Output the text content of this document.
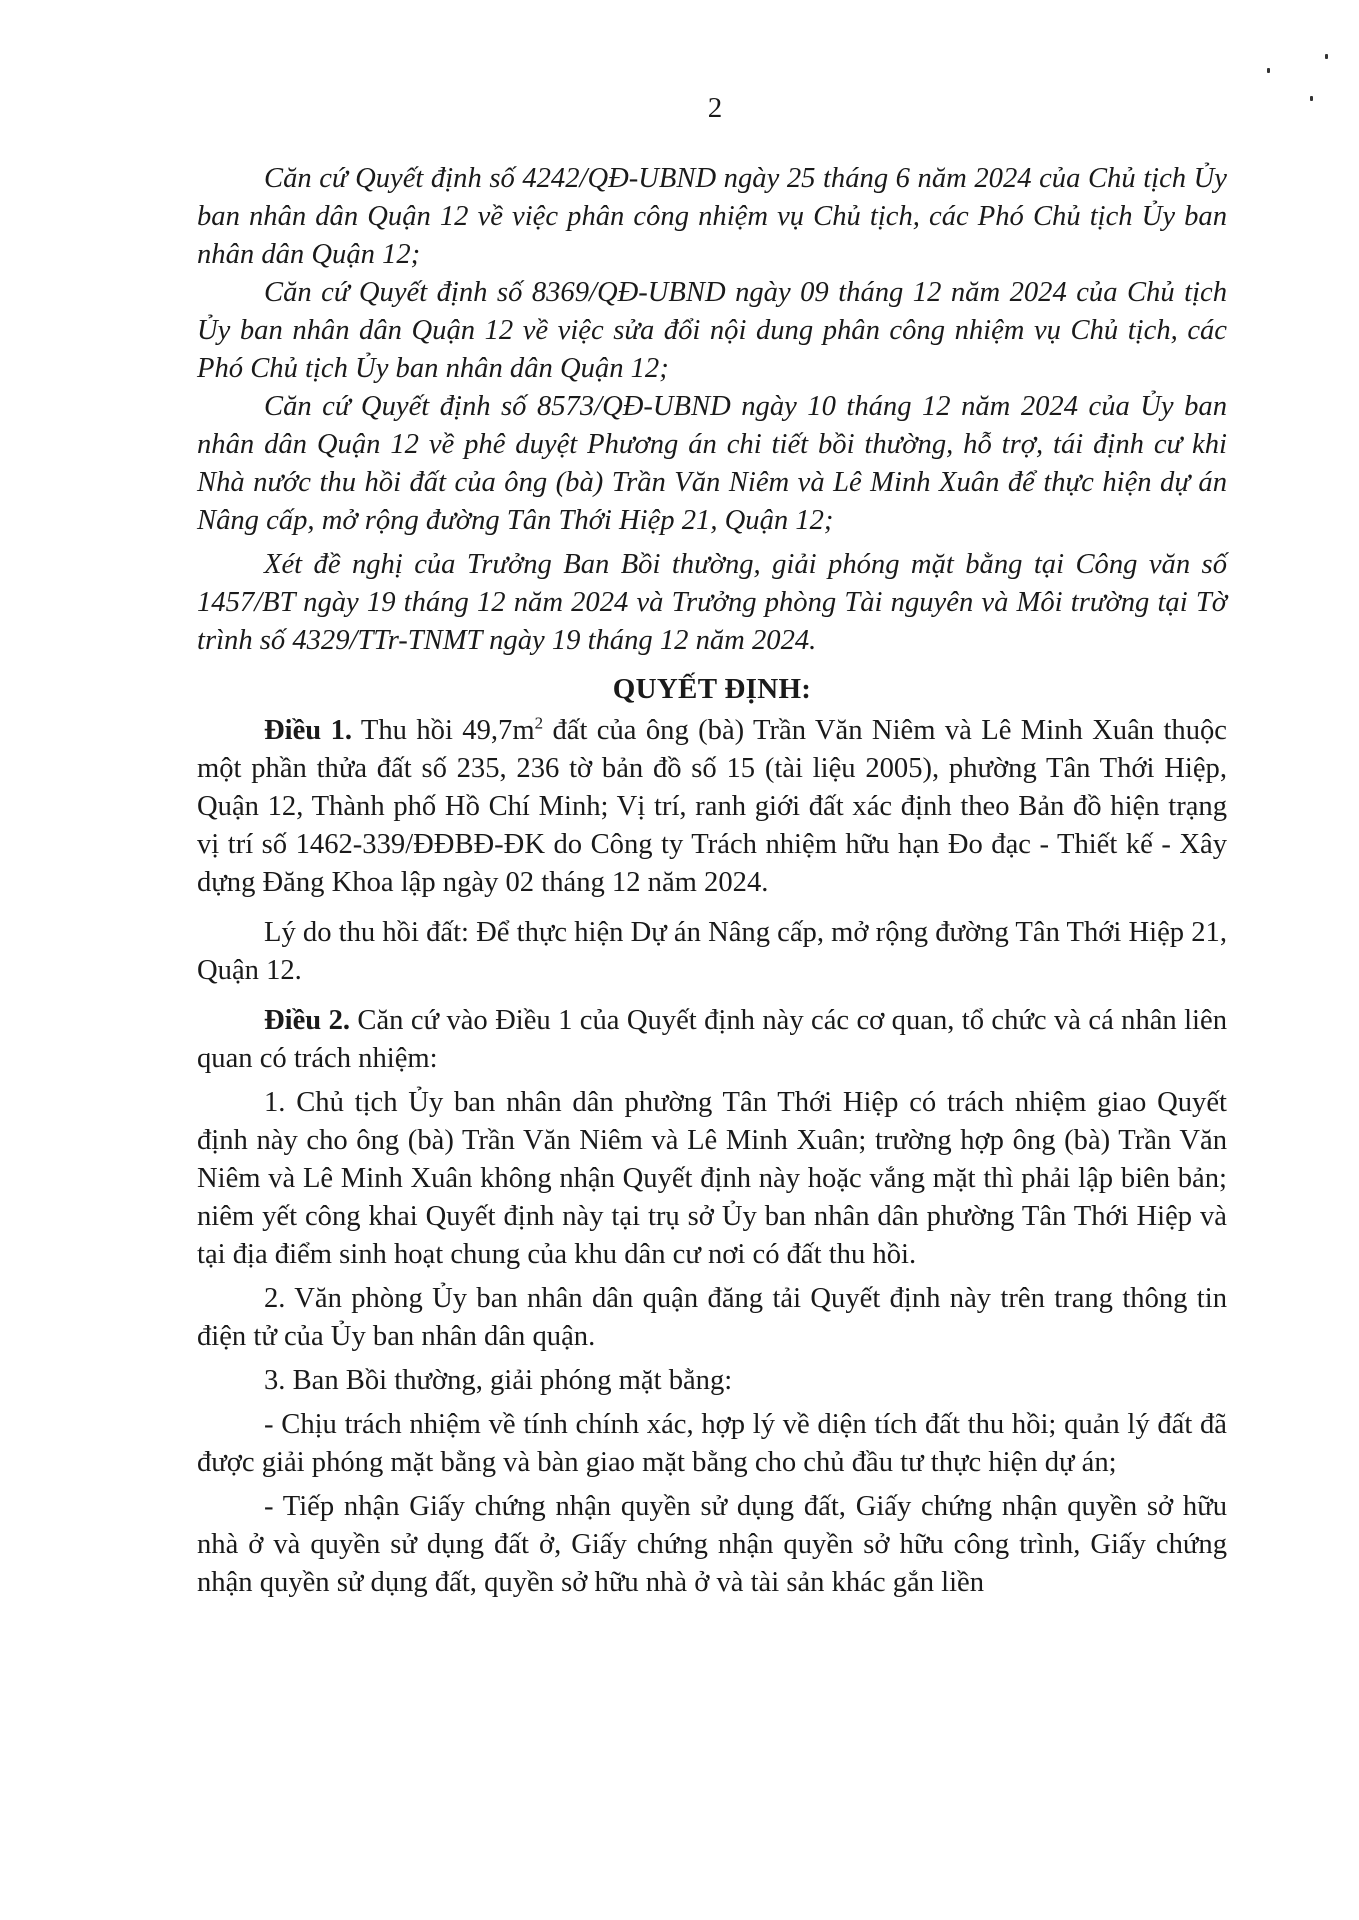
2

Căn cứ Quyết định số 4242/QĐ-UBND ngày 25 tháng 6 năm 2024 của Chủ tịch Ủy ban nhân dân Quận 12 về việc phân công nhiệm vụ Chủ tịch, các Phó Chủ tịch Ủy ban nhân dân Quận 12;

Căn cứ Quyết định số 8369/QĐ-UBND ngày 09 tháng 12 năm 2024 của Chủ tịch Ủy ban nhân dân Quận 12 về việc sửa đổi nội dung phân công nhiệm vụ Chủ tịch, các Phó Chủ tịch Ủy ban nhân dân Quận 12;

Căn cứ Quyết định số 8573/QĐ-UBND ngày 10 tháng 12 năm 2024 của Ủy ban nhân dân Quận 12 về phê duyệt Phương án chi tiết bồi thường, hỗ trợ, tái định cư khi Nhà nước thu hồi đất của ông (bà) Trần Văn Niêm và Lê Minh Xuân để thực hiện dự án Nâng cấp, mở rộng đường Tân Thới Hiệp 21, Quận 12;

Xét đề nghị của Trưởng Ban Bồi thường, giải phóng mặt bằng tại Công văn số 1457/BT ngày 19 tháng 12 năm 2024 và Trưởng phòng Tài nguyên và Môi trường tại Tờ trình số 4329/TTr-TNMT ngày 19 tháng 12 năm 2024.

QUYẾT ĐỊNH:

Điều 1. Thu hồi $49,7m^2$ đất của ông (bà) Trần Văn Niêm và Lê Minh Xuân thuộc một phần thửa đất số 235, 236 tờ bản đồ số 15 (tài liệu 2005), phường Tân Thới Hiệp, Quận 12, Thành phố Hồ Chí Minh; Vị trí, ranh giới đất xác định theo Bản đồ hiện trạng vị trí số 1462-339/ĐĐBĐ-ĐK do Công ty Trách nhiệm hữu hạn Đo đạc - Thiết kế - Xây dựng Đăng Khoa lập ngày 02 tháng 12 năm 2024.

Lý do thu hồi đất: Để thực hiện Dự án Nâng cấp, mở rộng đường Tân Thới Hiệp 21, Quận 12.

Điều 2. Căn cứ vào Điều 1 của Quyết định này các cơ quan, tổ chức và cá nhân liên quan có trách nhiệm:

1. Chủ tịch Ủy ban nhân dân phường Tân Thới Hiệp có trách nhiệm giao Quyết định này cho ông (bà) Trần Văn Niêm và Lê Minh Xuân; trường hợp ông (bà) Trần Văn Niêm và Lê Minh Xuân không nhận Quyết định này hoặc vắng mặt thì phải lập biên bản; niêm yết công khai Quyết định này tại trụ sở Ủy ban nhân dân phường Tân Thới Hiệp và tại địa điểm sinh hoạt chung của khu dân cư nơi có đất thu hồi.

2. Văn phòng Ủy ban nhân dân quận đăng tải Quyết định này trên trang thông tin điện tử của Ủy ban nhân dân quận.

3. Ban Bồi thường, giải phóng mặt bằng:

- Chịu trách nhiệm về tính chính xác, hợp lý về diện tích đất thu hồi; quản lý đất đã được giải phóng mặt bằng và bàn giao mặt bằng cho chủ đầu tư thực hiện dự án;

- Tiếp nhận Giấy chứng nhận quyền sử dụng đất, Giấy chứng nhận quyền sở hữu nhà ở và quyền sử dụng đất ở, Giấy chứng nhận quyền sở hữu công trình, Giấy chứng nhận quyền sử dụng đất, quyền sở hữu nhà ở và tài sản khác gắn liền
